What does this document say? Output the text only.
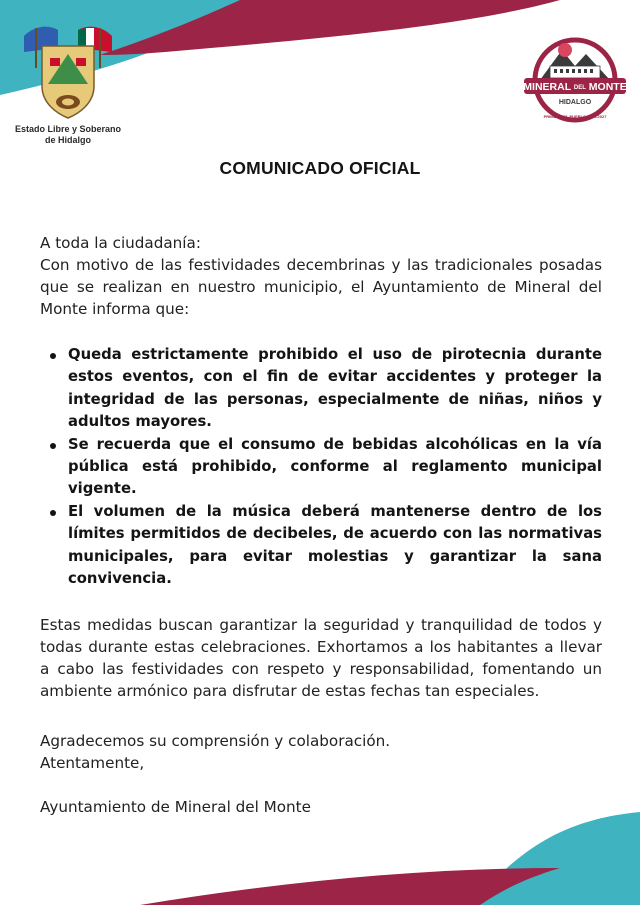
Estado Libre y Soberano
de Hidalgo
MINERAL DEL MONTE
HIDALGO
PRIMERO EL PUEBLO 2024-2027
COMUNICADO OFICIAL
A toda la ciudadanía:
Con motivo de las festividades decembrinas y las tradicionales posadas que se realizan en nuestro municipio, el Ayuntamiento de Mineral del Monte informa que:
Queda estrictamente prohibido el uso de pirotecnia durante estos eventos, con el fin de evitar accidentes y proteger la integridad de las personas, especialmente de niñas, niños y adultos mayores.
Se recuerda que el consumo de bebidas alcohólicas en la vía pública está prohibido, conforme al reglamento municipal vigente.
El volumen de la música deberá mantenerse dentro de los límites permitidos de decibeles, de acuerdo con las normativas municipales, para evitar molestias y garantizar la sana convivencia.
Estas medidas buscan garantizar la seguridad y tranquilidad de todos y todas durante estas celebraciones. Exhortamos a los habitantes a llevar a cabo las festividades con respeto y responsabilidad, fomentando un ambiente armónico para disfrutar de estas fechas tan especiales.
Agradecemos su comprensión y colaboración.
Atentamente,
Ayuntamiento de Mineral del Monte
